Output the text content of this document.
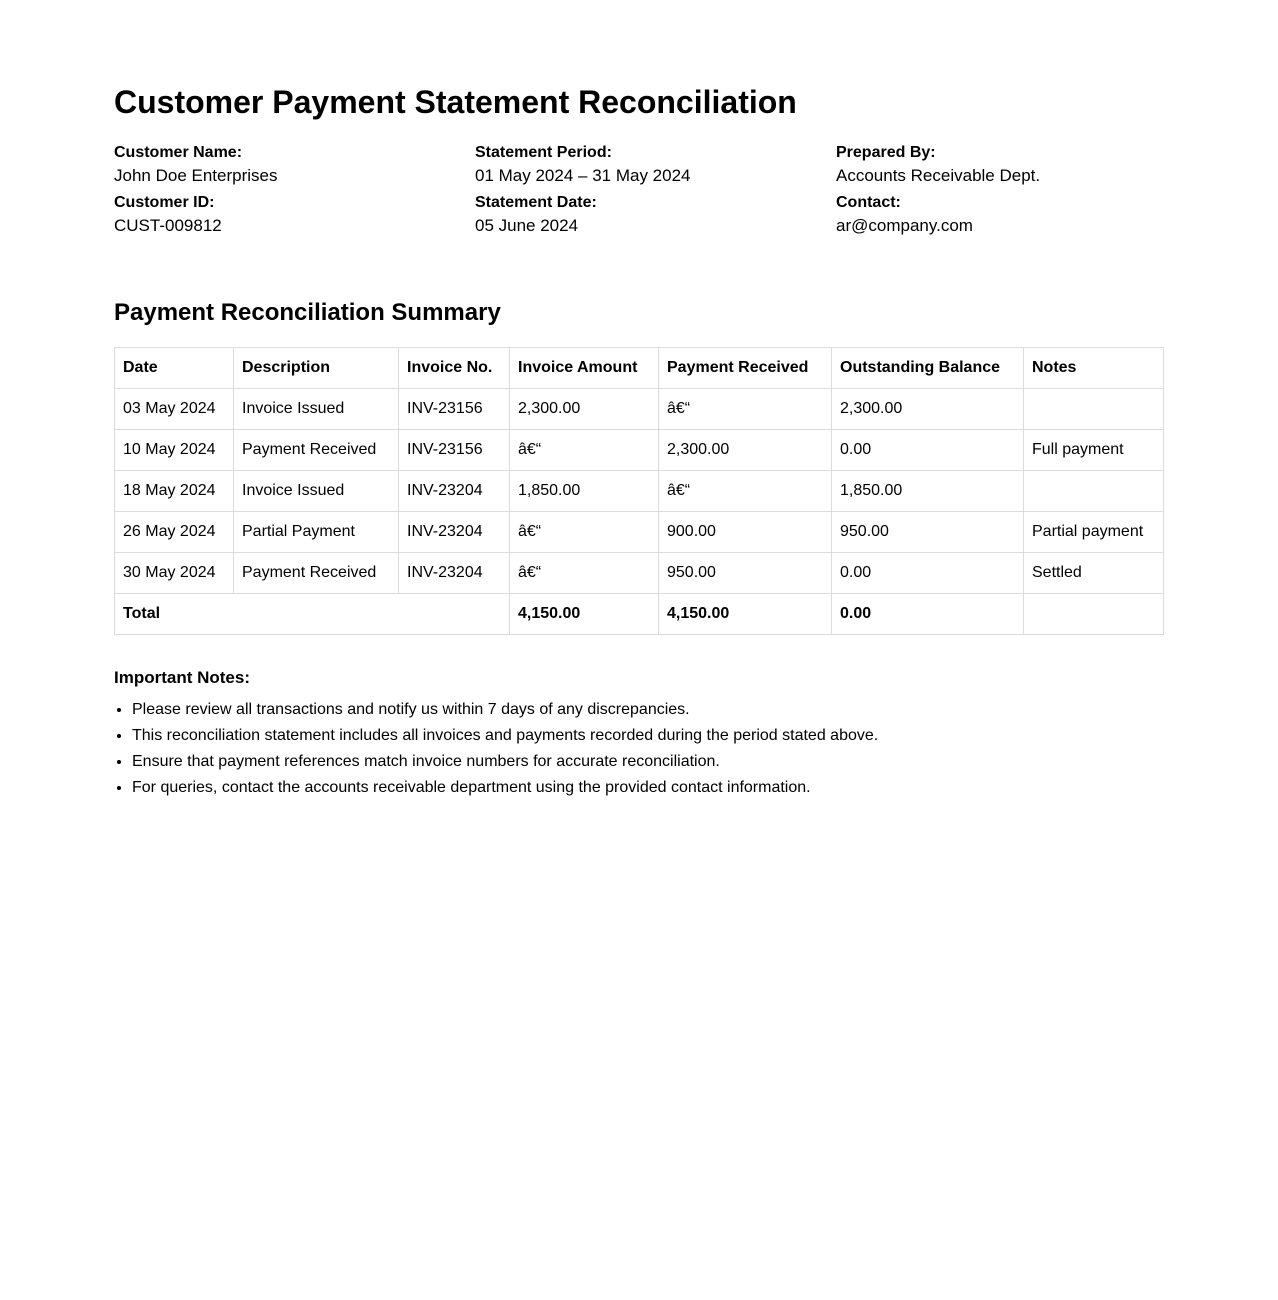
Customer Payment Statement Reconciliation
Customer Name:
John Doe Enterprises
Customer ID:
CUST-009812
Statement Period:
01 May 2024 – 31 May 2024
Statement Date:
05 June 2024
Prepared By:
Accounts Receivable Dept.
Contact:
ar@company.com
Payment Reconciliation Summary
Date	Description	Invoice No.	Invoice Amount	Payment Received	Outstanding Balance	Notes
03 May 2024	Invoice Issued	INV-23156	2,300.00	â€“	2,300.00	
10 May 2024	Payment Received	INV-23156	â€“	2,300.00	0.00	Full payment
18 May 2024	Invoice Issued	INV-23204	1,850.00	â€“	1,850.00	
26 May 2024	Partial Payment	INV-23204	â€“	900.00	950.00	Partial payment
30 May 2024	Payment Received	INV-23204	â€“	950.00	0.00	Settled
Total			4,150.00	4,150.00	0.00	
Important Notes:
• Please review all transactions and notify us within 7 days of any discrepancies.
• This reconciliation statement includes all invoices and payments recorded during the period stated above.
• Ensure that payment references match invoice numbers for accurate reconciliation.
• For queries, contact the accounts receivable department using the provided contact information.
